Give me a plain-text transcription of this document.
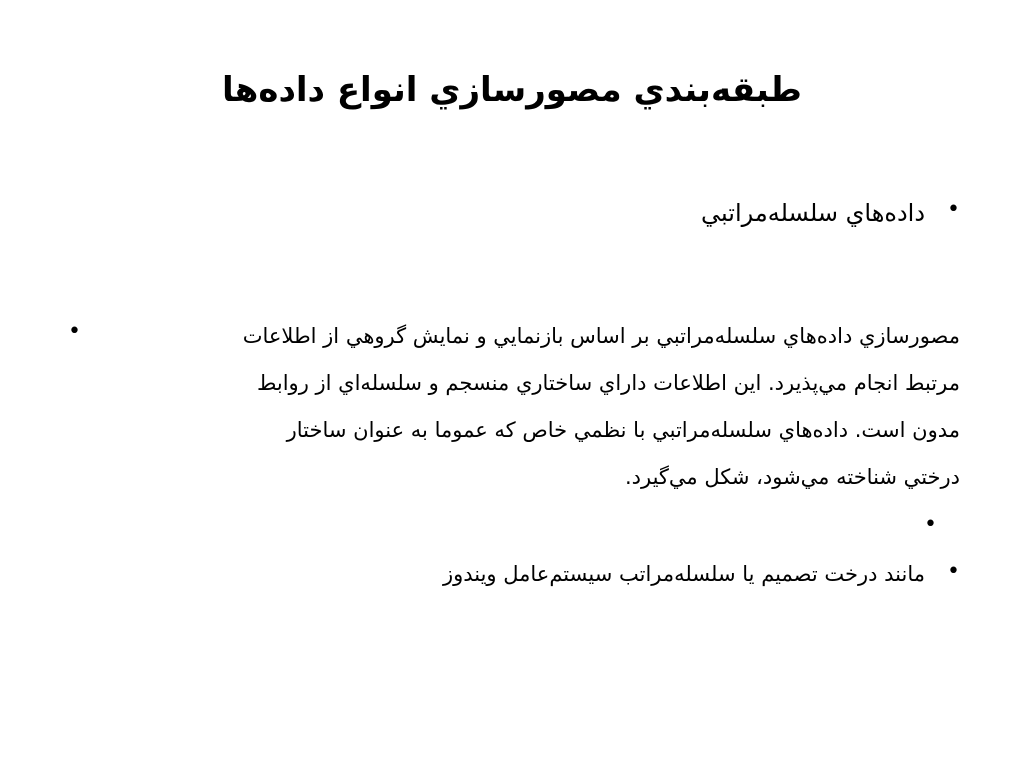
طبقه‌بندي مصورسازي انواع داده‌ها
•
داده‌هاي سلسله‌مراتبي
•	مصورسازي داده‌هاي سلسله‌مراتبي بر اساس بازنمايي و نمايش گروهي از اطلاعات
مرتبط انجام مي‌پذيرد. اين اطلاعات داراي ساختاري منسجم و سلسله‌اي از روابط
مدون است. داده‌هاي سلسله‌مراتبي با نظمي خاص كه عموما به عنوان ساختار
درختي شناخته مي‌شود، شكل مي‌گيرد.
•
•
مانند درخت تصميم يا سلسله‌مراتب سيستم‌عامل ويندوز
